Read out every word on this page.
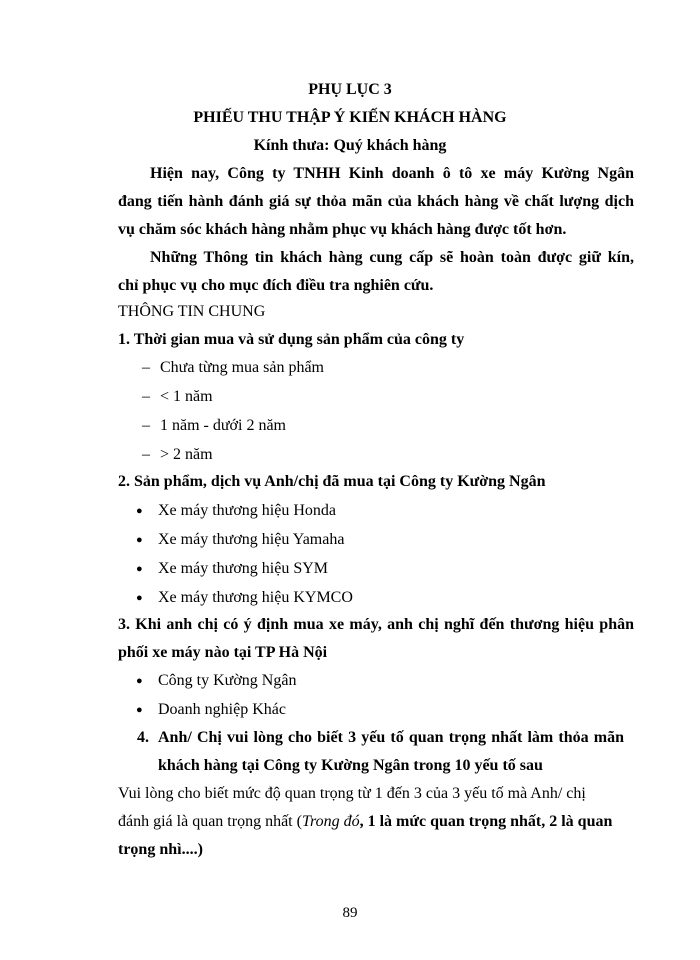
PHỤ LỤC 3
PHIẾU THU THẬP Ý KIẾN KHÁCH HÀNG
Kính thưa: Quý khách hàng
Hiện nay, Công ty TNHH Kinh doanh ô tô xe máy Kường Ngân
đang tiến hành đánh giá sự thỏa mãn của khách hàng về chất lượng dịch
vụ chăm sóc khách hàng nhằm phục vụ khách hàng được tốt hơn.
Những Thông tin khách hàng cung cấp sẽ hoàn toàn được giữ kín,
chỉ phục vụ cho mục đích điều tra nghiên cứu.
THÔNG TIN CHUNG
1. Thời gian mua và sử dụng sản phẩm của công ty
– Chưa từng mua sản phẩm
– < 1 năm
– 1 năm - dưới 2 năm
– > 2 năm
2. Sản phẩm, dịch vụ Anh/chị đã mua tại Công ty Kường Ngân
● Xe máy thương hiệu Honda
● Xe máy thương hiệu Yamaha
● Xe máy thương hiệu SYM
● Xe máy thương hiệu KYMCO
3. Khi anh chị có ý định mua xe máy, anh chị nghĩ đến thương hiệu phân
phối xe máy nào tại TP Hà Nội
● Công ty Kường Ngân
● Doanh nghiệp Khác
4. Anh/ Chị vui lòng cho biết 3 yếu tố quan trọng nhất làm thỏa mãn
khách hàng tại Công ty Kường Ngân trong 10 yếu tố sau
Vui lòng cho biết mức độ quan trọng từ 1 đến 3 của 3 yếu tố mà Anh/ chị
đánh giá là quan trọng nhất (Trong đó, 1 là mức quan trọng nhất, 2 là quan
trọng nhì....)
89
